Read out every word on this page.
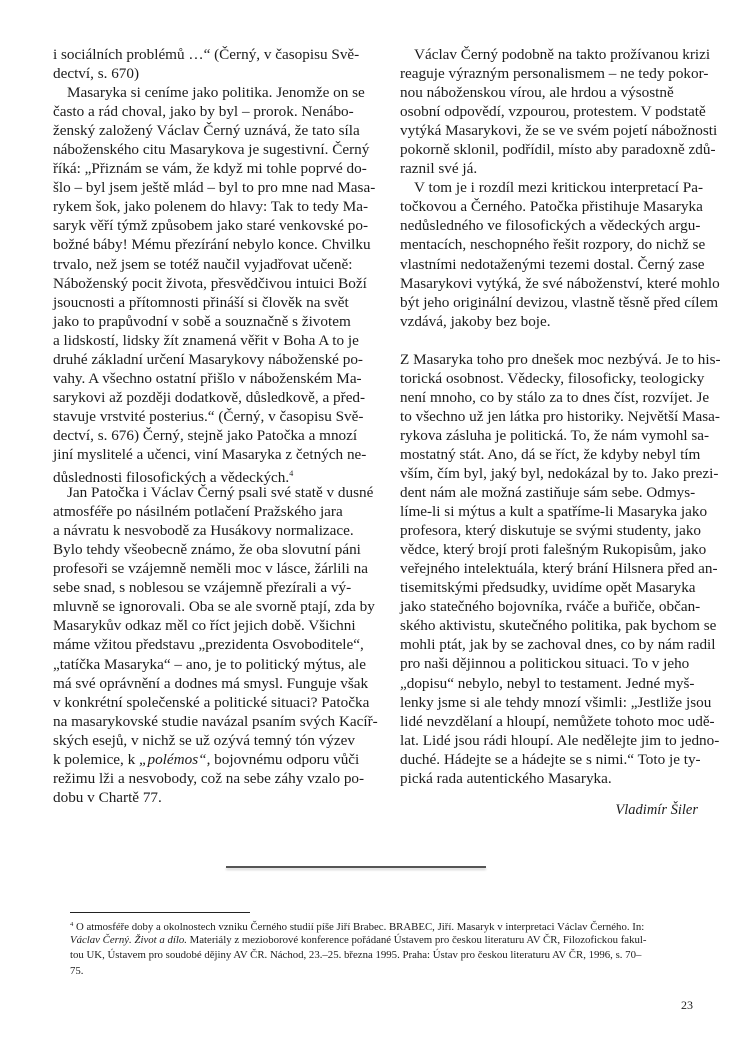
i sociálních problémů …“ (Černý, v časopisu Svě-
dectví, s. 670)
Masaryka si ceníme jako politika. Jenomže on se
často a rád choval, jako by byl – prorok. Nenábo-
ženský založený Václav Černý uznává, že tato síla
náboženského citu Masarykova je sugestivní. Černý
říká: „Přiznám se vám, že když mi tohle poprvé do-
šlo – byl jsem ještě mlád – byl to pro mne nad Masa-
rykem šok, jako polenem do hlavy: Tak to tedy Ma-
saryk věří týmž způsobem jako staré venkovské po-
božné báby! Mému přezírání nebylo konce. Chvilku
trvalo, než jsem se totéž naučil vyjadřovat učeně:
Náboženský pocit života, přesvědčivou intuici Boží
jsoucnosti a přítomnosti přináší si člověk na svět
jako to prapůvodní v sobě a souznačně s životem
a lidskostí, lidsky žít znamená věřit v Boha A to je
druhé základní určení Masarykovy náboženské po-
vahy. A všechno ostatní přišlo v náboženském Ma-
sarykovi až později dodatkově, důsledkově, a před-
stavuje vrstvité posterius.“ (Černý, v časopisu Svě-
dectví, s. 676) Černý, stejně jako Patočka a mnozí
jiní myslitelé a učenci, viní Masaryka z četných ne-
důslednosti filosofických a vědeckých.$^4$
Jan Patočka i Václav Černý psali své statě v dusné
atmosféře po násilném potlačení Pražského jara
a návratu k nesvobodě za Husákovy normalizace.
Bylo tehdy všeobecně známo, že oba slovutní páni
profesoři se vzájemně neměli moc v lásce, žárlili na
sebe snad, s noblesou se vzájemně přezírali a vý-
mluvně se ignorovali. Oba se ale svorně ptají, zda by
Masarykův odkaz měl co říct jejich době. Všichni
máme vžitou představu „prezidenta Osvoboditele“,
„tatíčka Masaryka“ – ano, je to politický mýtus, ale
má své oprávnění a dodnes má smysl. Funguje však
v konkrétní společenské a politické situaci? Patočka
na masarykovské studie navázal psaním svých Kacíř-
ských esejů, v nichž se už ozývá temný tón výzev
k polemice, k „polémos“, bojovnému odporu vůči
režimu lži a nesvobody, což na sebe záhy vzalo po-
dobu v Chartě 77.
Václav Černý podobně na takto prožívanou krizi
reaguje výrazným personalismem – ne tedy pokor-
nou náboženskou vírou, ale hrdou a výsostně
osobní odpovědí, vzpourou, protestem. V podstatě
vytýká Masarykovi, že se ve svém pojetí nábožnosti
pokorně sklonil, podřídil, místo aby paradoxně zdů-
raznil své já.
V tom je i rozdíl mezi kritickou interpretací Pa-
točkovou a Černého. Patočka přistihuje Masaryka
nedůsledného ve filosofických a vědeckých argu-
mentacích, neschopného řešit rozpory, do nichž se
vlastními nedotaženými tezemi dostal. Černý zase
Masarykovi vytýká, že své náboženství, které mohlo
být jeho originální devizou, vlastně těsně před cílem
vzdává, jakoby bez boje.
Z Masaryka toho pro dnešek moc nezbývá. Je to his-
torická osobnost. Vědecky, filosoficky, teologicky
není mnoho, co by stálo za to dnes číst, rozvíjet. Je
to všechno už jen látka pro historiky. Největší Masa-
rykova zásluha je politická. To, že nám vymohl sa-
mostatný stát. Ano, dá se říct, že kdyby nebyl tím
vším, čím byl, jaký byl, nedokázal by to. Jako prezi-
dent nám ale možná zastiňuje sám sebe. Odmys-
líme-li si mýtus a kult a spatříme-li Masaryka jako
profesora, který diskutuje se svými studenty, jako
vědce, který brojí proti falešným Rukopisům, jako
veřejného intelektuála, který brání Hilsnera před an-
tisemitskými předsudky, uvidíme opět Masaryka
jako statečného bojovníka, rváče a buřiče, občan-
ského aktivistu, skutečného politika, pak bychom se
mohli ptát, jak by se zachoval dnes, co by nám radil
pro naši dějinnou a politickou situaci. To v jeho
„dopisu“ nebylo, nebyl to testament. Jedné myš-
lenky jsme si ale tehdy mnozí všimli: „Jestliže jsou
lidé nevzdělaní a hloupí, nemůžete tohoto moc udě-
lat. Lidé jsou rádi hloupí. Ale nedělejte jim to jedno-
duché. Hádejte se a hádejte se s nimi.“ Toto je ty-
pická rada autentického Masaryka.
Vladimír Šiler
$^4$ O atmosféře doby a okolnostech vzniku Černého studií píše Jiří Brabec. BRABEC, Jiří. Masaryk v interpretaci Václav Černého. In:
Václav Černý. Život a dílo. Materiály z mezioborové konference pořádané Ústavem pro českou literaturu AV ČR, Filozofickou fakul-
tou UK, Ústavem pro soudobé dějiny AV ČR. Náchod, 23.–25. března 1995. Praha: Ústav pro českou literaturu AV ČR, 1996, s. 70–
75.
23
